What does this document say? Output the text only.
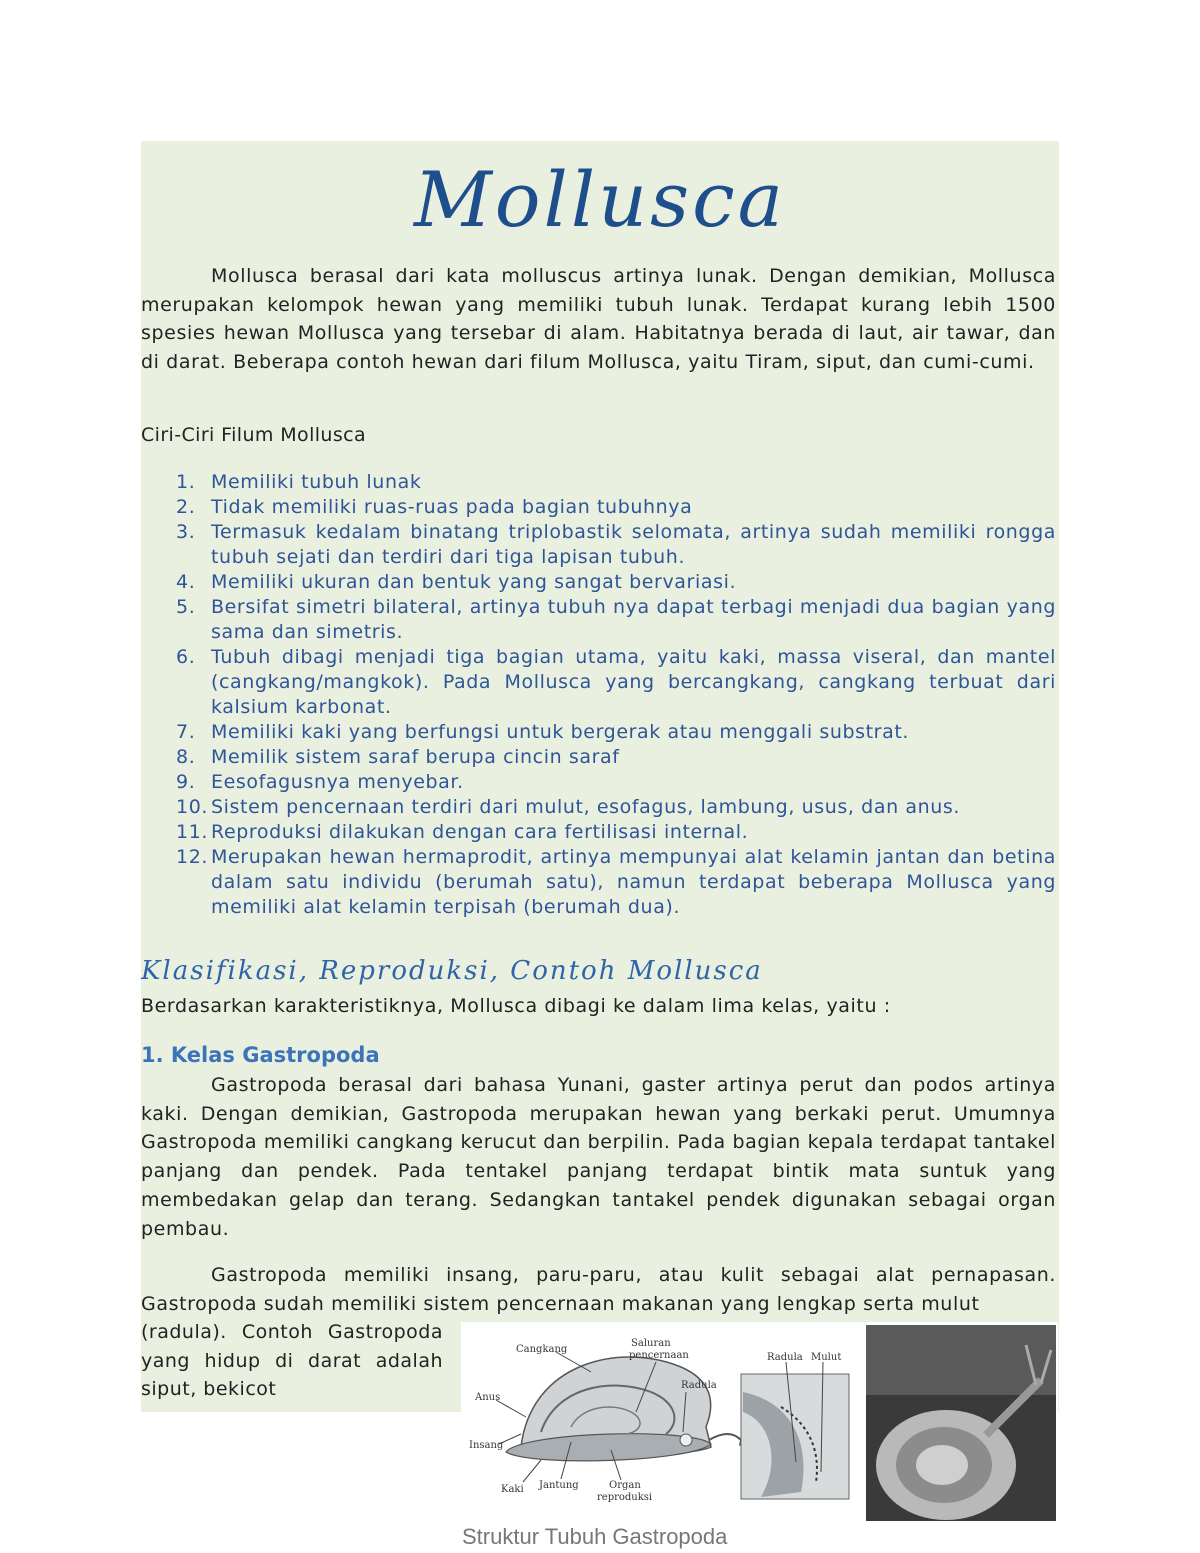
Mollusca
Mollusca berasal dari kata molluscus artinya lunak. Dengan demikian, Mollusca merupakan kelompok hewan yang memiliki tubuh lunak. Terdapat kurang lebih 1500 spesies hewan Mollusca yang tersebar di alam. Habitatnya berada di laut, air tawar, dan di darat. Beberapa contoh hewan dari filum Mollusca, yaitu Tiram, siput, dan cumi-cumi.
Ciri-Ciri Filum Mollusca
1. Memiliki tubuh lunak
2. Tidak memiliki ruas-ruas pada bagian tubuhnya
3. Termasuk kedalam binatang triplobastik selomata, artinya sudah memiliki rongga tubuh sejati dan terdiri dari tiga lapisan tubuh.
4. Memiliki ukuran dan bentuk yang sangat bervariasi.
5. Bersifat simetri bilateral, artinya tubuh nya dapat terbagi menjadi dua bagian yang sama dan simetris.
6. Tubuh dibagi menjadi tiga bagian utama, yaitu kaki, massa viseral, dan mantel (cangkang/mangkok). Pada Mollusca yang bercangkang, cangkang terbuat dari kalsium karbonat.
7. Memiliki kaki yang berfungsi untuk bergerak atau menggali substrat.
8. Memilik sistem saraf berupa cincin saraf
9. Eesofagusnya menyebar.
10. Sistem pencernaan terdiri dari mulut, esofagus, lambung, usus, dan anus.
11. Reproduksi dilakukan dengan cara fertilisasi internal.
12. Merupakan hewan hermaprodit, artinya mempunyai alat kelamin jantan dan betina dalam satu individu (berumah satu), namun terdapat beberapa Mollusca yang memiliki alat kelamin terpisah (berumah dua).
Klasifikasi, Reproduksi, Contoh Mollusca
Berdasarkan karakteristiknya, Mollusca dibagi ke dalam lima kelas, yaitu :
1. Kelas Gastropoda
Gastropoda berasal dari bahasa Yunani, gaster artinya perut dan podos artinya kaki. Dengan demikian, Gastropoda merupakan hewan yang berkaki perut. Umumnya Gastropoda memiliki cangkang kerucut dan berpilin. Pada bagian kepala terdapat tantakel panjang dan pendek. Pada tentakel panjang terdapat bintik mata suntuk yang membedakan gelap dan terang. Sedangkan tantakel pendek digunakan sebagai organ pembau.
Gastropoda memiliki insang, paru-paru, atau kulit sebagai alat pernapasan. Gastropoda sudah memiliki sistem pencernaan makanan yang lengkap serta mulut
(radula). Contoh Gastropoda yang hidup di darat adalah siput, bekicot
Cangkang
Saluran
pencernaan
Radula
Anus
Insang
Kaki Jantung	Organ
reproduksi
Radula Mulut
Struktur Tubuh Gastropoda
